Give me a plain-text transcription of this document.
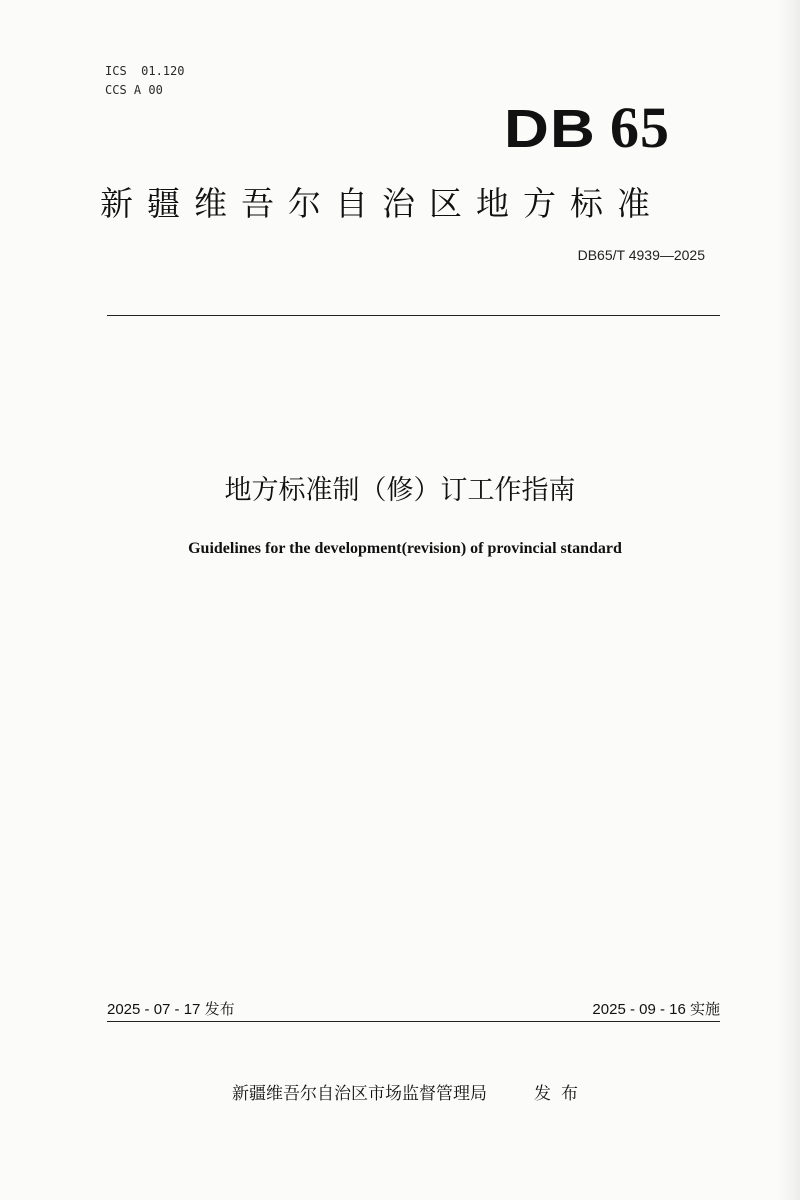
ICS  01.120
CCS A 00
DB 65
新疆维吾尔自治区地方标准
DB65/T 4939—2025
地方标准制（修）订工作指南
Guidelines for the development(revision) of provincial standard
2025 - 07 - 17 发布	2025 - 09 - 16 实施
新疆维吾尔自治区市场监督管理局	发布
